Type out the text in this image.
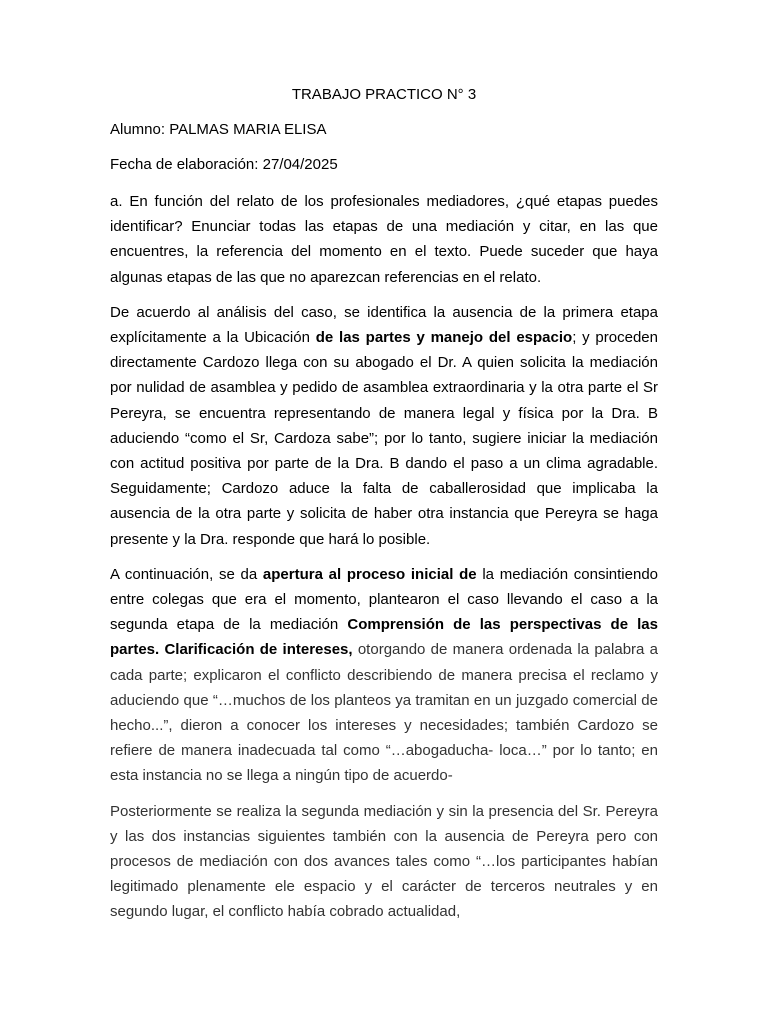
TRABAJO PRACTICO N° 3

Alumno: PALMAS MARIA ELISA

Fecha de elaboración: 27/04/2025

a. En función del relato de los profesionales mediadores, ¿qué etapas puedes identificar? Enunciar todas las etapas de una mediación y citar, en las que encuentres, la referencia del momento en el texto. Puede suceder que haya algunas etapas de las que no aparezcan referencias en el relato.

De acuerdo al análisis del caso, se identifica la ausencia de la primera etapa explícitamente a la Ubicación de las partes y manejo del espacio; y proceden directamente Cardozo llega con su abogado el Dr. A quien solicita la mediación por nulidad de asamblea y pedido de asamblea extraordinaria y la otra parte el Sr Pereyra, se encuentra representando de manera legal y física por la Dra. B aduciendo “como el Sr, Cardoza sabe”; por lo tanto, sugiere iniciar la mediación con actitud positiva por parte de la Dra. B dando el paso a un clima agradable. Seguidamente; Cardozo aduce la falta de caballerosidad que implicaba la ausencia de la otra parte y solicita de haber otra instancia que Pereyra se haga presente y la Dra. responde que hará lo posible.

A continuación, se da apertura al proceso inicial de la mediación consintiendo entre colegas que era el momento, plantearon el caso llevando el caso a la segunda etapa de la mediación Comprensión de las perspectivas de las partes. Clarificación de intereses, otorgando de manera ordenada la palabra a cada parte; explicaron el conflicto describiendo de manera precisa el reclamo y aduciendo que “…muchos de los planteos ya tramitan en un juzgado comercial de hecho...”, dieron a conocer los intereses y necesidades; también Cardozo se refiere de manera inadecuada tal como “…abogaducha- loca…” por lo tanto; en esta instancia no se llega a ningún tipo de acuerdo-

Posteriormente se realiza la segunda mediación y sin la presencia del Sr. Pereyra y las dos instancias siguientes también con la ausencia de Pereyra pero con procesos de mediación con dos avances tales como “…los participantes habían legitimado plenamente ele espacio y el carácter de terceros neutrales y en segundo lugar, el conflicto había cobrado actualidad,
